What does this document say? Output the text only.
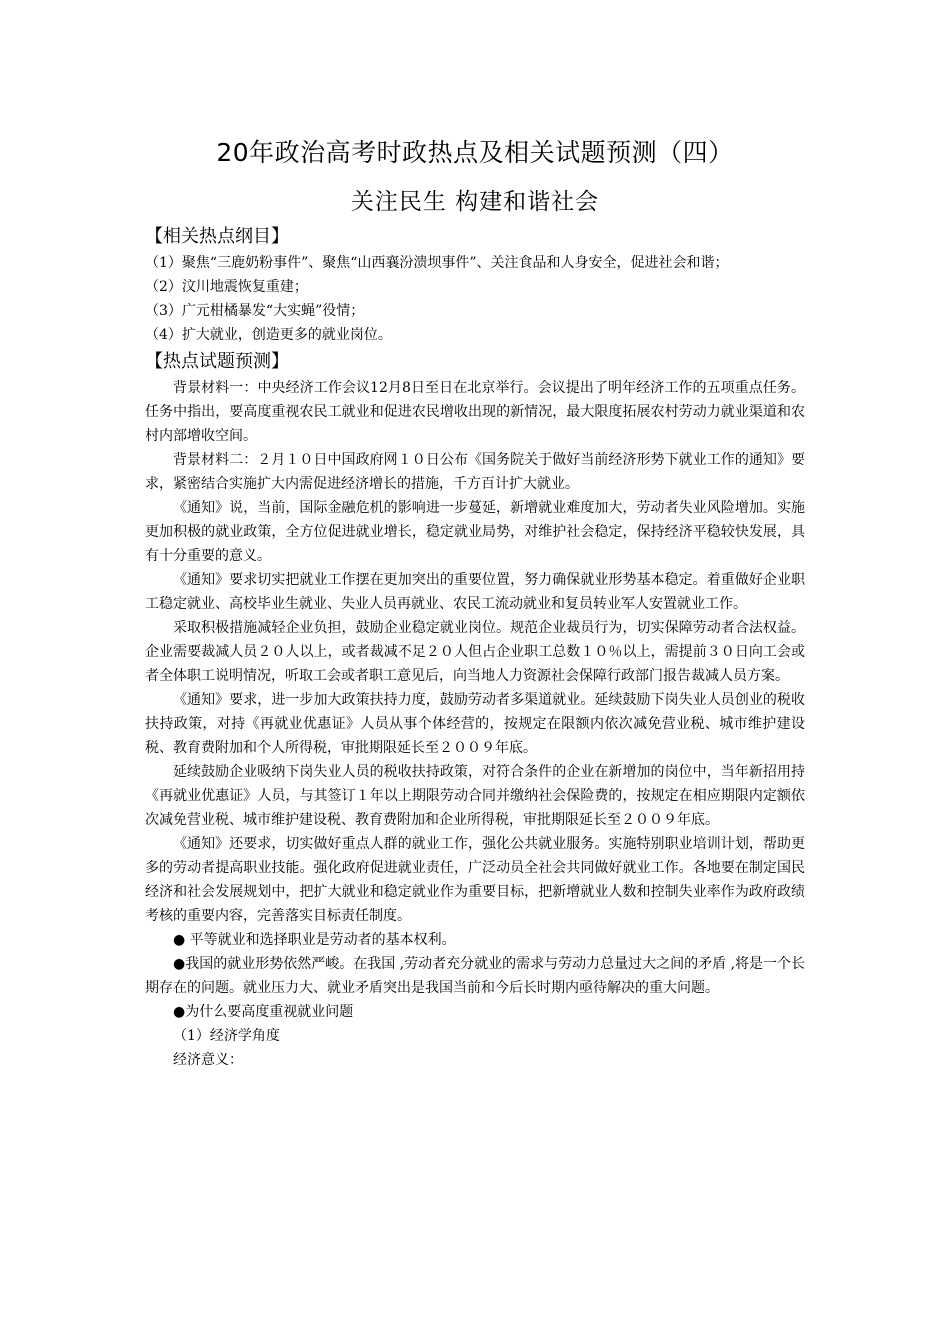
20年政治高考时政热点及相关试题预测（四）
关注民生 构建和谐社会

【相关热点纲目】

（1）聚焦“三鹿奶粉事件”、聚焦“山西襄汾溃坝事件”、关注食品和人身安全，促进社会和谐；

（2）汶川地震恢复重建；

（3）广元柑橘暴发“大实蝇”役情；

（4）扩大就业，创造更多的就业岗位。

【热点试题预测】

背景材料一：中央经济工作会议12月8日至日在北京举行。会议提出了明年经济工作的五项重点任务。任务中指出，要高度重视农民工就业和促进农民增收出现的新情况，最大限度拓展农村劳动力就业渠道和农村内部增收空间。

背景材料二：２月１０日中国政府网１０日公布《国务院关于做好当前经济形势下就业工作的通知》要求，紧密结合实施扩大内需促进经济增长的措施，千方百计扩大就业。

《通知》说，当前，国际金融危机的影响进一步蔓延，新增就业难度加大，劳动者失业风险增加。实施更加积极的就业政策，全方位促进就业增长，稳定就业局势，对维护社会稳定，保持经济平稳较快发展，具有十分重要的意义。

《通知》要求切实把就业工作摆在更加突出的重要位置，努力确保就业形势基本稳定。着重做好企业职工稳定就业、高校毕业生就业、失业人员再就业、农民工流动就业和复员转业军人安置就业工作。

采取积极措施减轻企业负担，鼓励企业稳定就业岗位。规范企业裁员行为，切实保障劳动者合法权益。企业需要裁减人员２０人以上，或者裁减不足２０人但占企业职工总数１０％以上，需提前３０日向工会或者全体职工说明情况，听取工会或者职工意见后，向当地人力资源社会保障行政部门报告裁减人员方案。

《通知》要求，进一步加大政策扶持力度，鼓励劳动者多渠道就业。延续鼓励下岗失业人员创业的税收扶持政策，对持《再就业优惠证》人员从事个体经营的，按规定在限额内依次减免营业税、城市维护建设税、教育费附加和个人所得税，审批期限延长至２００９年底。

延续鼓励企业吸纳下岗失业人员的税收扶持政策，对符合条件的企业在新增加的岗位中，当年新招用持《再就业优惠证》人员，与其签订１年以上期限劳动合同并缴纳社会保险费的，按规定在相应期限内定额依次减免营业税、城市维护建设税、教育费附加和企业所得税，审批期限延长至２００９年底。

《通知》还要求，切实做好重点人群的就业工作，强化公共就业服务。实施特别职业培训计划，帮助更多的劳动者提高职业技能。强化政府促进就业责任，广泛动员全社会共同做好就业工作。各地要在制定国民经济和社会发展规划中，把扩大就业和稳定就业作为重要目标，把新增就业人数和控制失业率作为政府政绩考核的重要内容，完善落实目标责任制度。

● 平等就业和选择职业是劳动者的基本权利。

●我国的就业形势依然严峻。在我国 ,劳动者充分就业的需求与劳动力总量过大之间的矛盾 ,将是一个长期存在的问题。就业压力大、就业矛盾突出是我国当前和今后长时期内亟待解决的重大问题。

●为什么要高度重视就业问题

（1）经济学角度

经济意义：
